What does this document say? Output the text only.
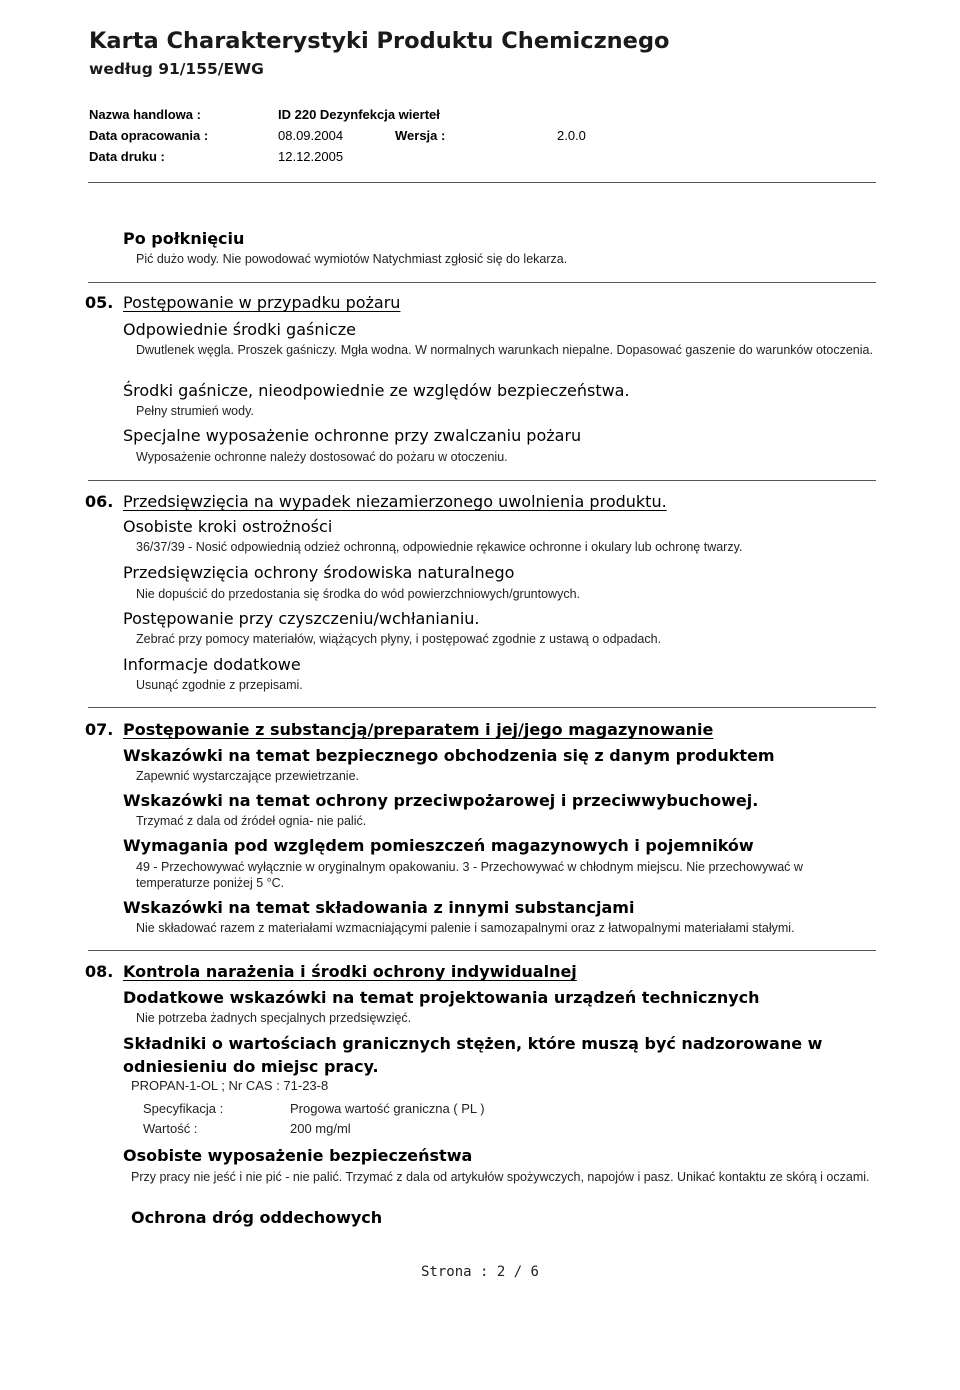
Karta Charakterystyki Produktu Chemicznego
według 91/155/EWG
Nazwa handlowa :	ID 220 Dezynfekcja wierteł
Data opracowania :	08.09.2004	Wersja :	2.0.0
Data druku :	12.12.2005
Po połknięciu
Pić dużo wody. Nie powodować wymiotów Natychmiast zgłosić się do lekarza.
05. Postępowanie w przypadku pożaru
Odpowiednie środki gaśnicze
Dwutlenek węgla. Proszek gaśniczy. Mgła wodna. W normalnych warunkach niepalne. Dopasować gaszenie do warunków otoczenia.
Środki gaśnicze, nieodpowiednie ze względów bezpieczeństwa.
Pełny strumień wody.
Specjalne wyposażenie ochronne przy zwalczaniu pożaru
Wyposażenie ochronne należy dostosować do pożaru w otoczeniu.
06. Przedsięwzięcia na wypadek niezamierzonego uwolnienia produktu.
Osobiste kroki ostrożności
36/37/39 - Nosić odpowiednią odzież ochronną, odpowiednie rękawice ochronne i okulary lub ochronę twarzy.
Przedsięwzięcia ochrony środowiska naturalnego
Nie dopuścić do przedostania się środka do wód powierzchniowych/gruntowych.
Postępowanie przy czyszczeniu/wchłanianiu.
Zebrać przy pomocy materiałów, wiążących płyny, i postępować zgodnie z ustawą o odpadach.
Informacje dodatkowe
Usunąć zgodnie z przepisami.
07. Postępowanie z substancją/preparatem i jej/jego magazynowanie
Wskazówki na temat bezpiecznego obchodzenia się z danym produktem
Zapewnić wystarczające przewietrzanie.
Wskazówki na temat ochrony przeciwpożarowej i przeciwwybuchowej.
Trzymać z dala od źródeł ognia- nie palić.
Wymagania pod względem pomieszczeń magazynowych i pojemników
49 - Przechowywać wyłącznie w oryginalnym opakowaniu. 3 - Przechowywać w chłodnym miejscu. Nie przechowywać w temperaturze poniżej 5 °C.
Wskazówki na temat składowania z innymi substancjami
Nie składować razem z materiałami wzmacniającymi palenie i samozapalnymi oraz z łatwopalnymi materiałami stałymi.
08. Kontrola narażenia i środki ochrony indywidualnej
Dodatkowe wskazówki na temat projektowania urządzeń technicznych
Nie potrzeba żadnych specjalnych przedsięwzięć.
Składniki o wartościach granicznych stężen, które muszą być nadzorowane w odniesieniu do miejsc pracy.
PROPAN-1-OL ; Nr CAS : 71-23-8
Specyfikacja :	Progowa wartość graniczna ( PL )
Wartość :	200 mg/ml
Osobiste wyposażenie bezpieczeństwa
Przy pracy nie jeść i nie pić - nie palić. Trzymać z dala od artykułów spożywczych, napojów i pasz. Unikać kontaktu ze skórą i oczami.
Ochrona dróg oddechowych
Strona : 2 / 6
